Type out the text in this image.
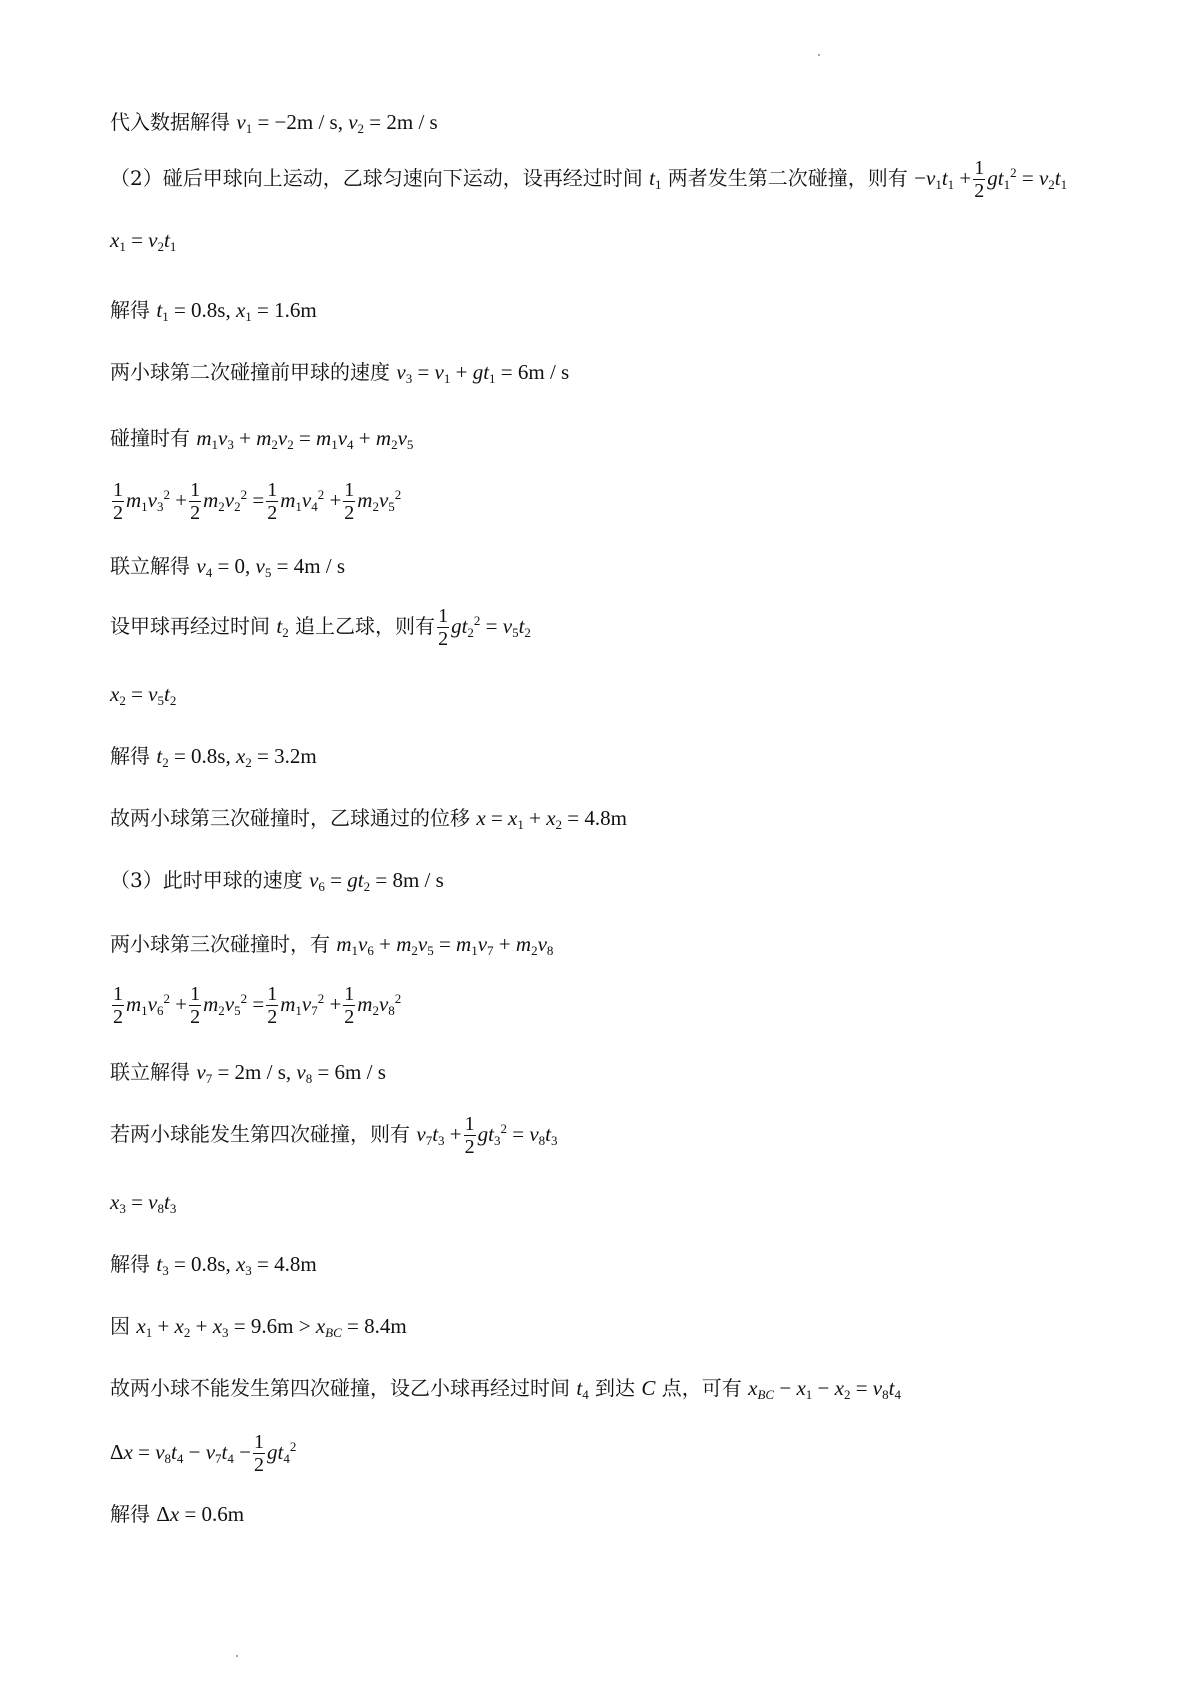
代入数据解得 $v_1 = -2m / s$, $v_2 = 2m / s$
（2）碰后甲球向上运动，乙球匀速向下运动，设再经过时间 $t_1$ 两者发生第二次碰撞，则有 $-v_1t_1 + \frac{1}{2} gt_1^2 = v_2t_1$
$x_1 = v_2t_1$
解得 $t_1 = 0.8s$, $x_1 = 1.6m$
两小球第二次碰撞前甲球的速度 $v_3 = v_1 + gt_1 = 6m / s$
碰撞时有 $m_1v_3 + m_2v_2 = m_1v_4 + m_2v_5$
$\frac{1}{2} m_1v_3^2 + \frac{1}{2} m_2v_2^2 = \frac{1}{2} m_1v_4^2 + \frac{1}{2} m_2v_5^2$
联立解得 $v_4 = 0$, $v_5 = 4m / s$
设甲球再经过时间 $t_2$ 追上乙球，则有 $\frac{1}{2} gt_2^2 = v_5t_2$
$x_2 = v_5t_2$
解得 $t_2 = 0.8s$, $x_2 = 3.2m$
故两小球第三次碰撞时，乙球通过的位移 $x = x_1 + x_2 = 4.8m$
（3）此时甲球的速度 $v_6 = gt_2 = 8m / s$
两小球第三次碰撞时，有 $m_1v_6 + m_2v_5 = m_1v_7 + m_2v_8$
$\frac{1}{2} m_1v_6^2 + \frac{1}{2} m_2v_5^2 = \frac{1}{2} m_1v_7^2 + \frac{1}{2} m_2v_8^2$
联立解得 $v_7 = 2m / s$, $v_8 = 6m / s$
若两小球能发生第四次碰撞，则有 $v_7t_3 + \frac{1}{2} gt_3^2 = v_8t_3$
$x_3 = v_8t_3$
解得 $t_3 = 0.8s$, $x_3 = 4.8m$
因 $x_1 + x_2 + x_3 = 9.6m > x_{BC} = 8.4m$
故两小球不能发生第四次碰撞，设乙小球再经过时间 $t_4$ 到达 C 点，可有 $x_{BC} - x_1 - x_2 = v_8t_4$
$\Delta x = v_8t_4 - v_7t_4 - \frac{1}{2} gt_4^2$
解得 Δx = 0.6m
